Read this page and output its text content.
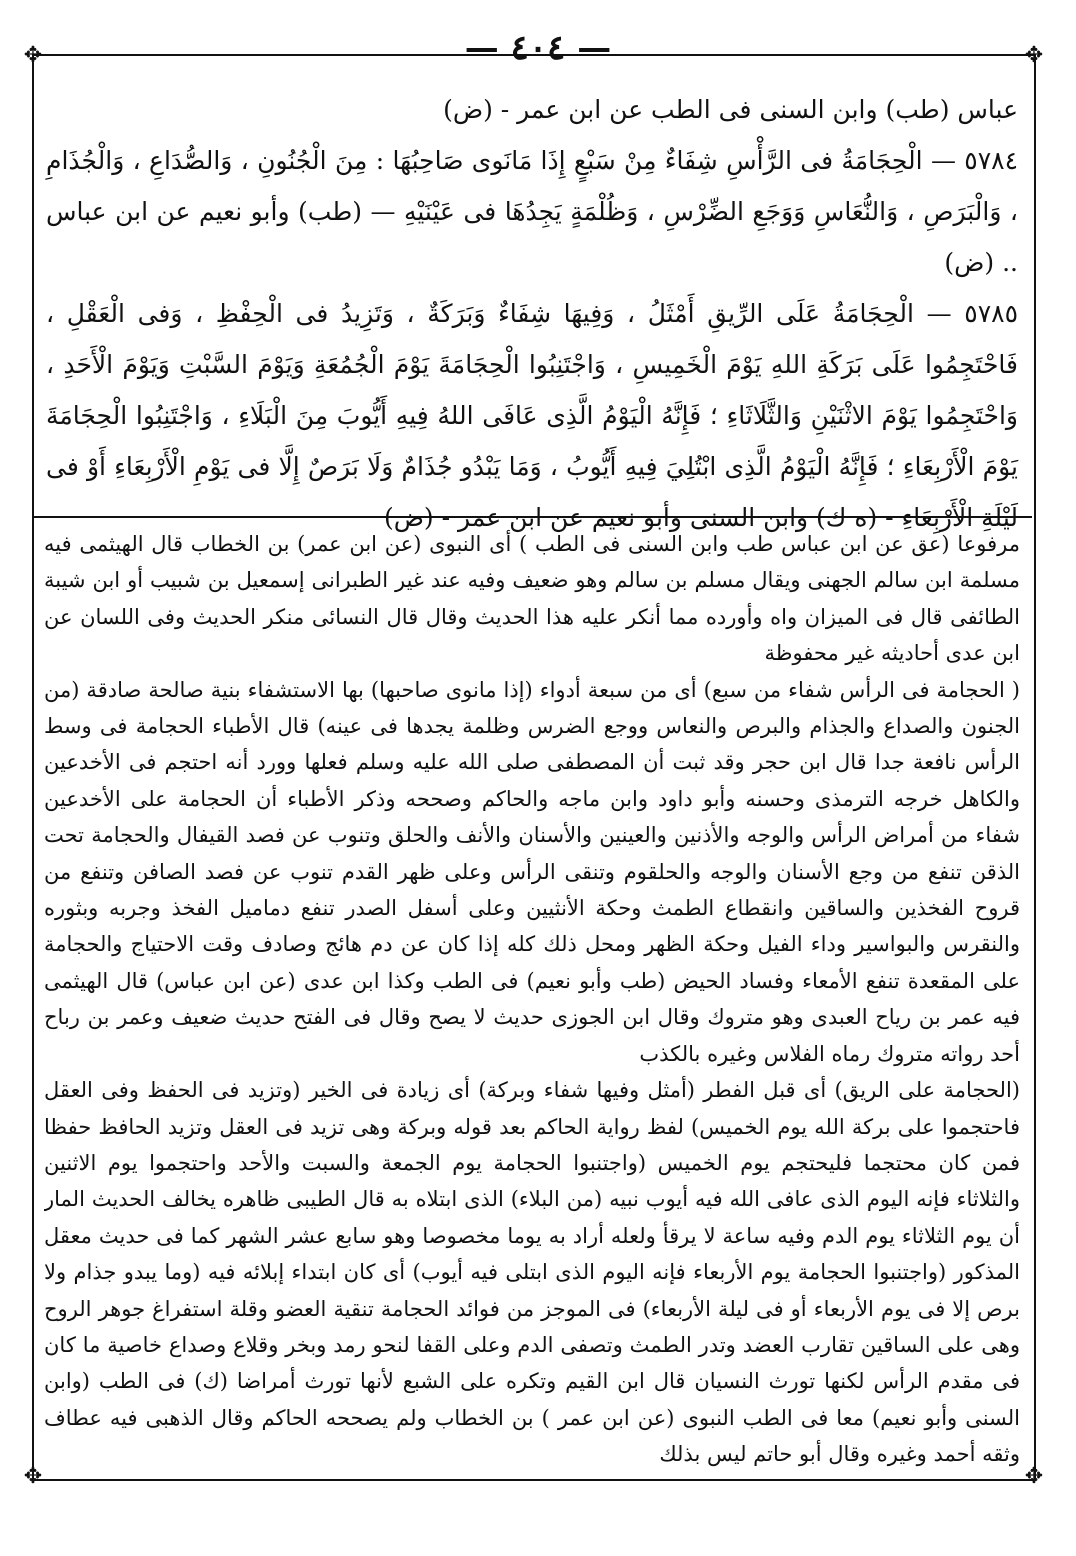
— ٤٠٤ —
✥	✥
✥	✥

عباس (طب) وابن السنى فى الطب عن ابن عمر - (ض)

٥٧٨٤ — الْحِجَامَةُ فى الرَّأْسِ شِفَاءٌ مِنْ سَبْعٍ إِذَا مَانَوى صَاحِبُهَا : مِنَ الْجُنُونِ ، وَالصُّدَاعِ ، وَالْجُذَامِ ، وَالْبَرَصِ ، وَالنُّعَاسِ وَوَجَعِ الضِّرْسِ ، وَظُلْمَةٍ يَجِدُهَا فى عَيْنَيْهِ — (طب) وأبو نعيم عن ابن عباس .. (ض)

٥٧٨٥ — الْحِجَامَةُ عَلَى الرِّيقِ أَمْثَلُ ، وَفِيهَا شِفَاءٌ وَبَرَكَةٌ ، وَتَزِيدُ فى الْحِفْظِ ، وَفى الْعَقْلِ ، فَاحْتَجِمُوا عَلَى بَرَكَةِ اللهِ يَوْمَ الْخَمِيسِ ، وَاجْتَنِبُوا الْحِجَامَةَ يَوْمَ الْجُمُعَةِ وَيَوْمَ السَّبْتِ وَيَوْمَ الْأَحَدِ ، وَاحْتَجِمُوا يَوْمَ الاثْنَيْنِ وَالثَّلَاثَاءِ ؛ فَإِنَّهُ الْيَوْمُ الَّذِى عَافَى اللهُ فِيهِ أَيُّوبَ مِنَ الْبَلَاءِ ، وَاجْتَنِبُوا الْحِجَامَةَ يَوْمَ الْأَرْبِعَاءِ ؛ فَإِنَّهُ الْيَوْمُ الَّذِى ابْتُلِيَ فِيهِ أَيُّوبُ ، وَمَا يَبْدُو جُذَامٌ وَلَا بَرَصٌ إِلَّا فى يَوْمِ الْأَرْبِعَاءِ أَوْ فى لَيْلَةِ الْأَرْبِعَاءِ - (ه ك) وابن السنى وأبو نعيم عن ابن عمر - (ض)

مرفوعا (عق عن ابن عباس طب وابن السنى فى الطب ) أى النبوى (عن ابن عمر) بن الخطاب قال الهيثمى فيه مسلمة ابن سالم الجهنى ويقال مسلم بن سالم وهو ضعيف وفيه عند غير الطبرانى إسمعيل بن شبيب أو ابن شيبة الطائفى قال فى الميزان واه وأورده مما أنكر عليه هذا الحديث وقال قال النسائى منكر الحديث وفى اللسان عن ابن عدى أحاديثه غير محفوظة

( الحجامة فى الرأس شفاء من سبع) أى من سبعة أدواء (إذا مانوى صاحبها) بها الاستشفاء بنية صالحة صادقة (من الجنون والصداع والجذام والبرص والنعاس ووجع الضرس وظلمة يجدها فى عينه) قال الأطباء الحجامة فى وسط الرأس نافعة جدا قال ابن حجر وقد ثبت أن المصطفى صلى الله عليه وسلم فعلها وورد أنه احتجم فى الأخدعين والكاهل خرجه الترمذى وحسنه وأبو داود وابن ماجه والحاكم وصححه وذكر الأطباء أن الحجامة على الأخدعين شفاء من أمراض الرأس والوجه والأذنين والعينين والأسنان والأنف والحلق وتنوب عن فصد القيفال والحجامة تحت الذقن تنفع من وجع الأسنان والوجه والحلقوم وتنقى الرأس وعلى ظهر القدم تنوب عن فصد الصافن وتنفع من قروح الفخذين والساقين وانقطاع الطمث وحكة الأنثيين وعلى أسفل الصدر تنفع دماميل الفخذ وجربه وبثوره والنقرس والبواسير وداء الفيل وحكة الظهر ومحل ذلك كله إذا كان عن دم هائج وصادف وقت الاحتياج والحجامة على المقعدة تنفع الأمعاء وفساد الحيض (طب وأبو نعيم) فى الطب وكذا ابن عدى (عن ابن عباس) قال الهيثمى فيه عمر بن رياح العبدى وهو متروك وقال ابن الجوزى حديث لا يصح وقال فى الفتح حديث ضعيف وعمر بن رباح أحد رواته متروك رماه الفلاس وغيره بالكذب

(الحجامة على الريق) أى قبل الفطر (أمثل وفيها شفاء وبركة) أى زيادة فى الخير (وتزيد فى الحفظ وفى العقل فاحتجموا على بركة الله يوم الخميس) لفظ رواية الحاكم بعد قوله وبركة وهى تزيد فى العقل وتزيد الحافظ حفظا فمن كان محتجما فليحتجم يوم الخميس (واجتنبوا الحجامة يوم الجمعة والسبت والأحد واحتجموا يوم الاثنين والثلاثاء فإنه اليوم الذى عافى الله فيه أيوب نبيه (من البلاء) الذى ابتلاه به قال الطيبى ظاهره يخالف الحديث المار أن يوم الثلاثاء يوم الدم وفيه ساعة لا يرقأ ولعله أراد به يوما مخصوصا وهو سابع عشر الشهر كما فى حديث معقل المذكور (واجتنبوا الحجامة يوم الأربعاء فإنه اليوم الذى ابتلى فيه أيوب) أى كان ابتداء إبلائه فيه (وما يبدو جذام ولا برص إلا فى يوم الأربعاء أو فى ليلة الأربعاء) فى الموجز من فوائد الحجامة تنقية العضو وقلة استفراغ جوهر الروح وهى على الساقين تقارب العضد وتدر الطمث وتصفى الدم وعلى القفا لنحو رمد وبخر وقلاع وصداع خاصية ما كان فى مقدم الرأس لكنها تورث النسيان قال ابن القيم وتكره على الشبع لأنها تورث أمراضا (ك) فى الطب (وابن السنى وأبو نعيم) معا فى الطب النبوى (عن ابن عمر ) بن الخطاب ولم يصححه الحاكم وقال الذهبى فيه عطاف وثقه أحمد وغيره وقال أبو حاتم ليس بذلك
